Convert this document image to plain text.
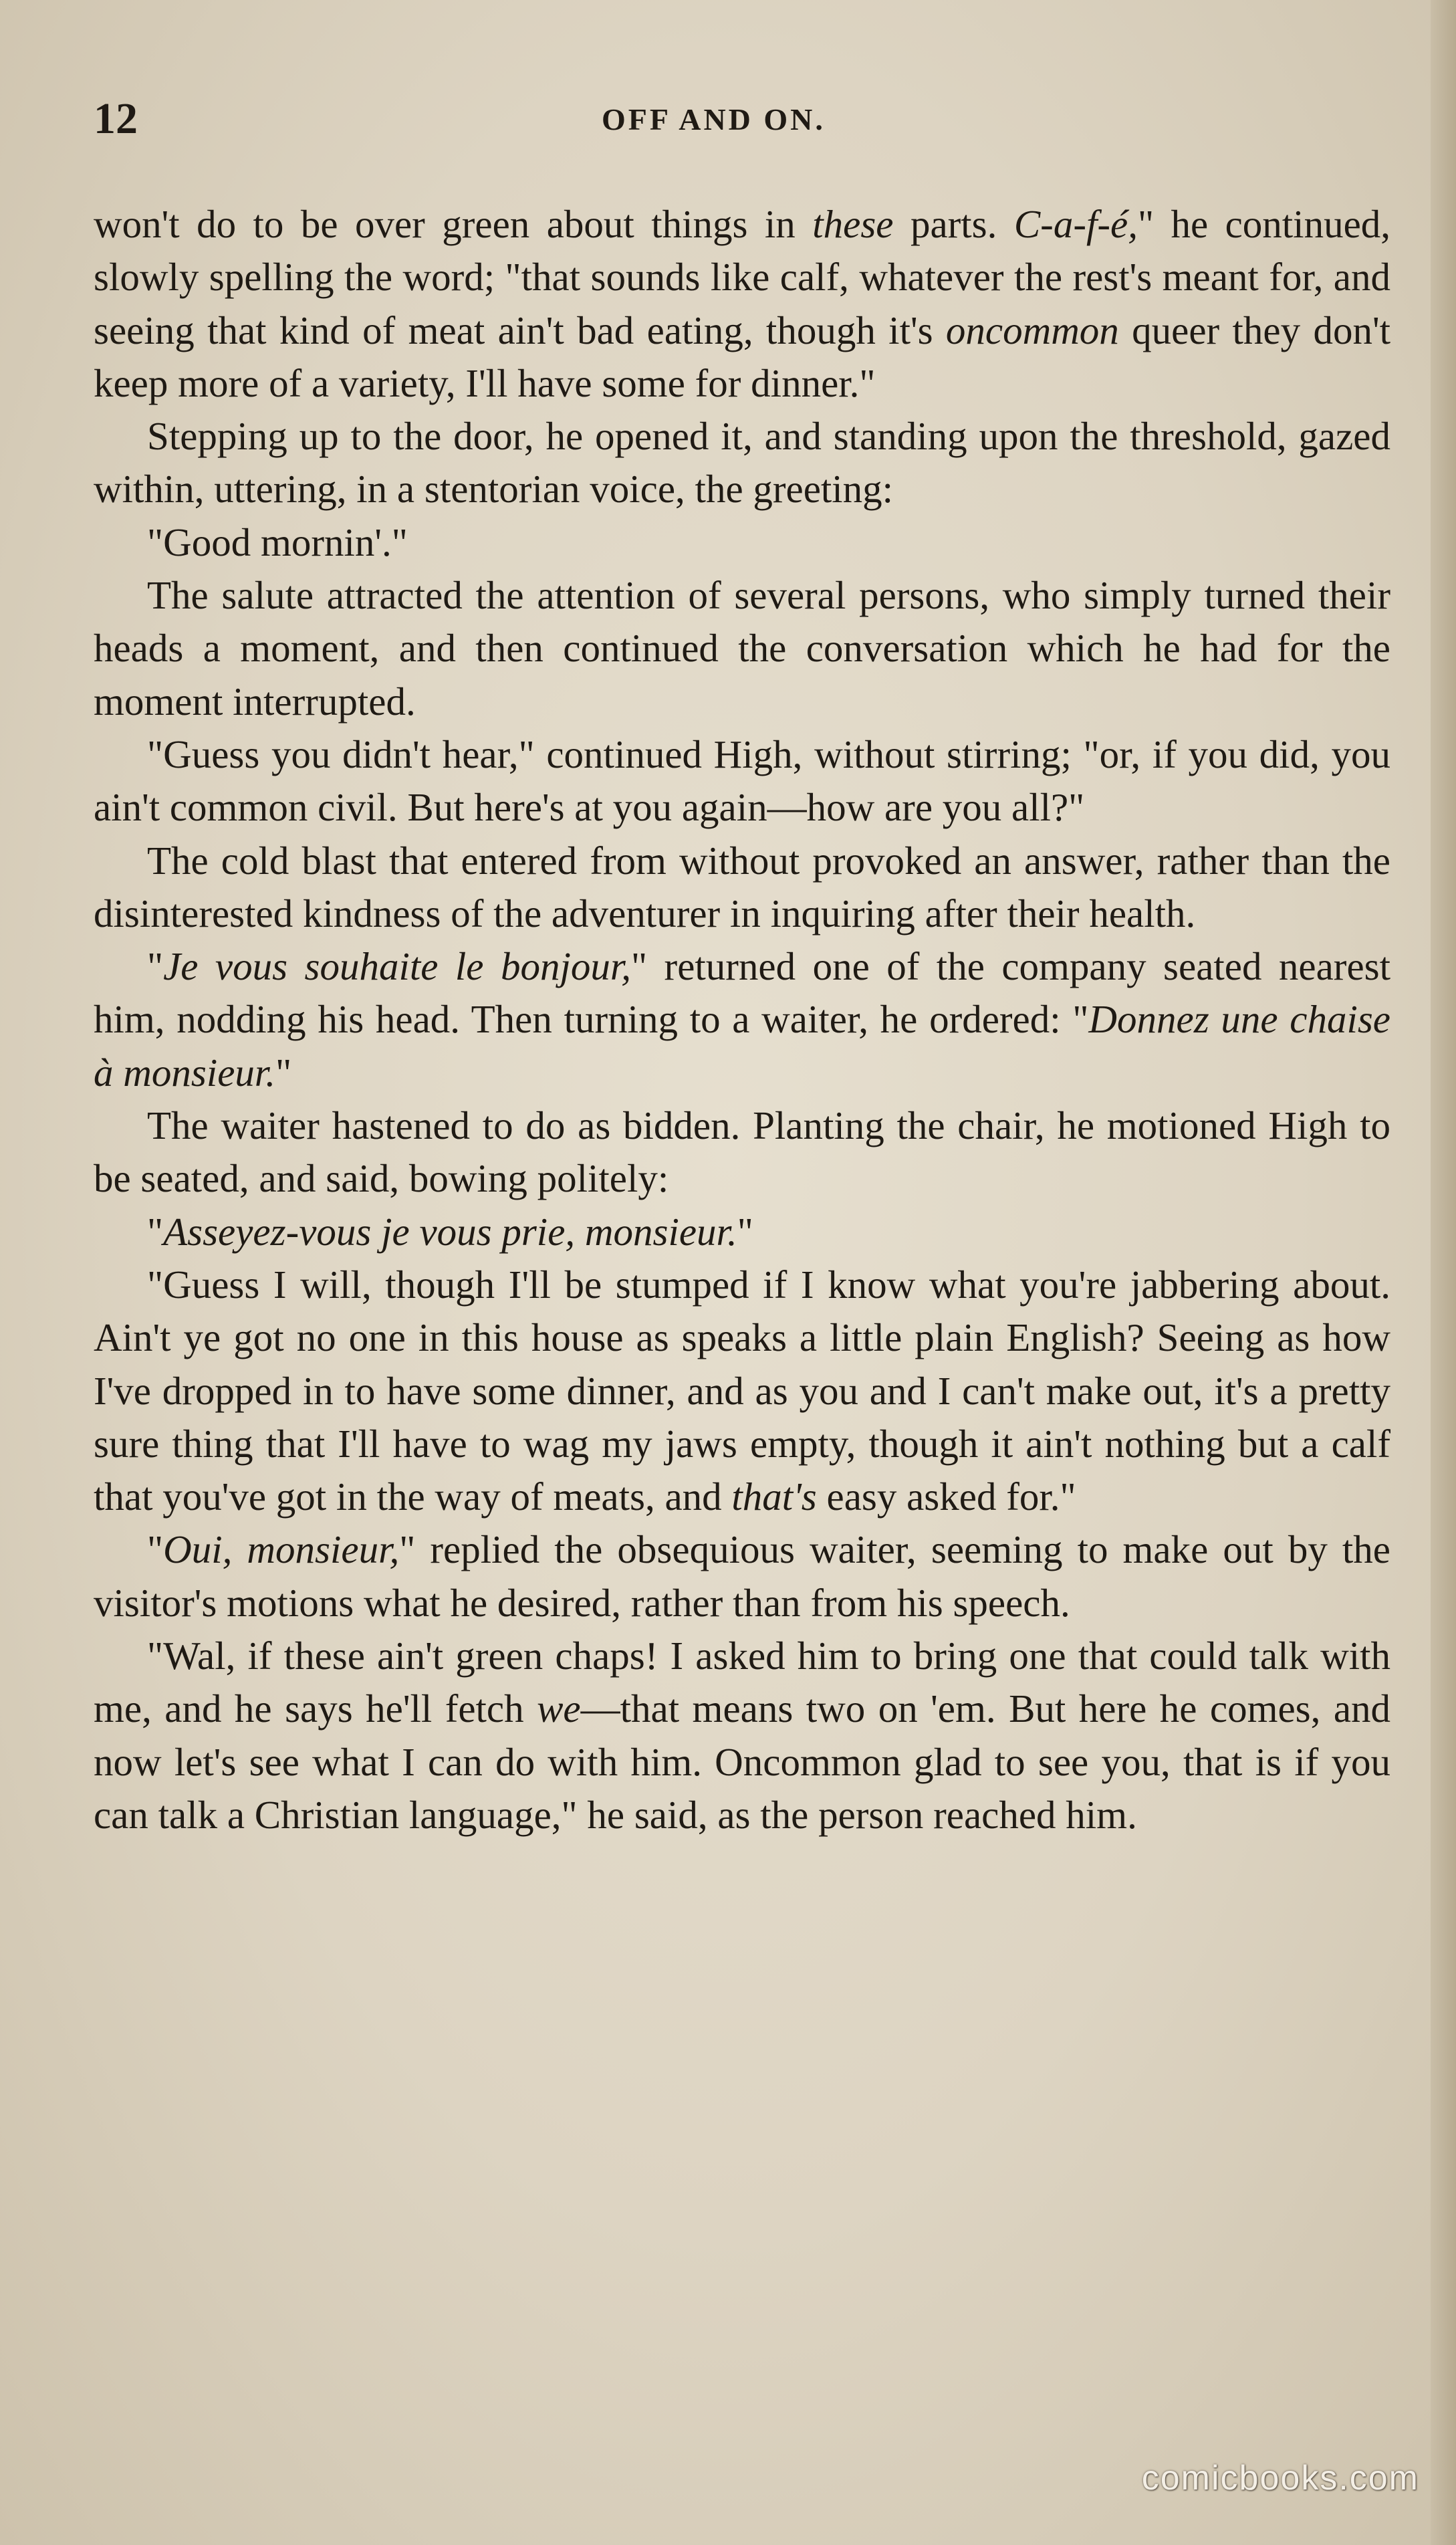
12	OFF AND ON.

won't do to be over green about things in these parts. C-a-f-é," he continued, slowly spelling the word; "that sounds like calf, whatever the rest's meant for, and seeing that kind of meat ain't bad eating, though it's oncommon queer they don't keep more of a variety, I'll have some for dinner."

Stepping up to the door, he opened it, and standing upon the threshold, gazed within, uttering, in a stentorian voice, the greeting:

"Good mornin'."

The salute attracted the attention of several persons, who simply turned their heads a moment, and then continued the conversation which he had for the moment interrupted.

"Guess you didn't hear," continued High, without stirring; "or, if you did, you ain't common civil. But here's at you again—how are you all?"

The cold blast that entered from without provoked an answer, rather than the disinterested kindness of the adventurer in inquiring after their health.

"Je vous souhaite le bonjour," returned one of the company seated nearest him, nodding his head. Then turning to a waiter, he ordered: "Donnez une chaise à monsieur."

The waiter hastened to do as bidden. Planting the chair, he motioned High to be seated, and said, bowing politely:

"Asseyez-vous je vous prie, monsieur."

"Guess I will, though I'll be stumped if I know what you're jabbering about. Ain't ye got no one in this house as speaks a little plain English? Seeing as how I've dropped in to have some dinner, and as you and I can't make out, it's a pretty sure thing that I'll have to wag my jaws empty, though it ain't nothing but a calf that you've got in the way of meats, and that's easy asked for."

"Oui, monsieur," replied the obsequious waiter, seeming to make out by the visitor's motions what he desired, rather than from his speech.

"Wal, if these ain't green chaps! I asked him to bring one that could talk with me, and he says he'll fetch we—that means two on 'em. But here he comes, and now let's see what I can do with him. Oncommon glad to see you, that is if you can talk a Christian language," he said, as the person reached him.

comicbooks.com
